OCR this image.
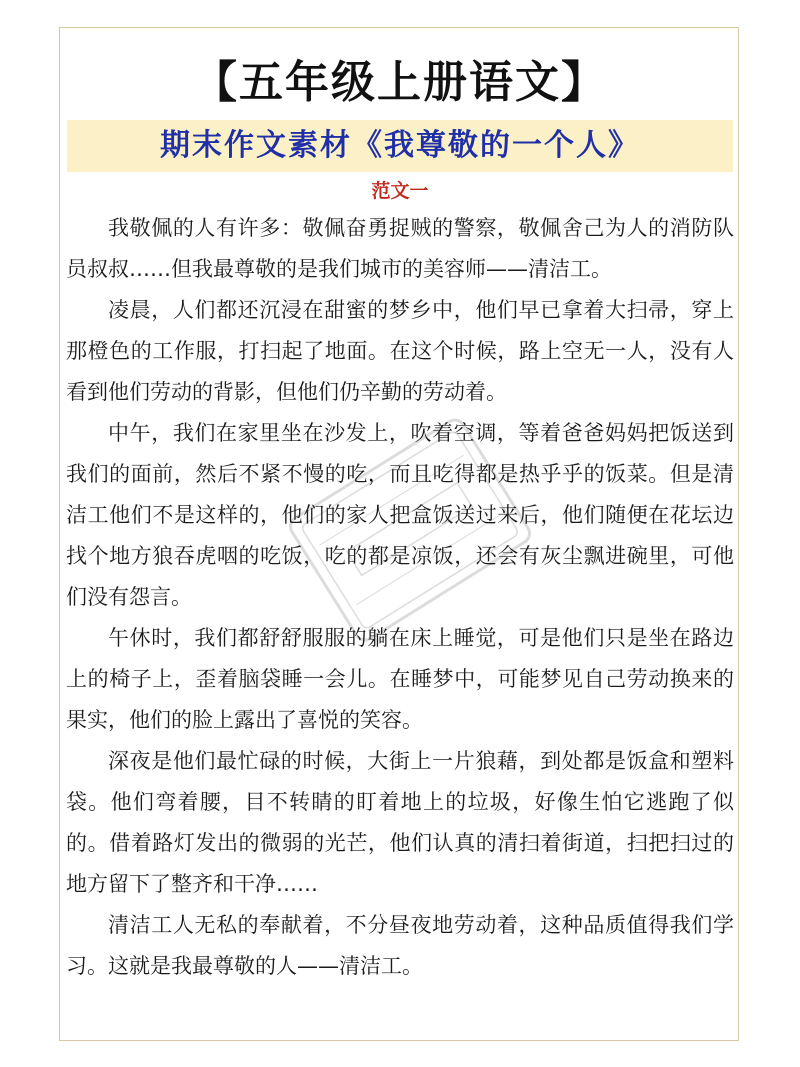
【五年级上册语文】
期末作文素材《我尊敬的一个人》
范文一

我敬佩的人有许多：敬佩奋勇捉贼的警察，敬佩舍己为人的消防队员叔叔……但我最尊敬的是我们城市的美容师——清洁工。

凌晨，人们都还沉浸在甜蜜的梦乡中，他们早已拿着大扫帚，穿上那橙色的工作服，打扫起了地面。在这个时候，路上空无一人，没有人看到他们劳动的背影，但他们仍辛勤的劳动着。

中午，我们在家里坐在沙发上，吹着空调，等着爸爸妈妈把饭送到我们的面前，然后不紧不慢的吃，而且吃得都是热乎乎的饭菜。但是清洁工他们不是这样的，他们的家人把盒饭送过来后，他们随便在花坛边找个地方狼吞虎咽的吃饭，吃的都是凉饭，还会有灰尘飘进碗里，可他们没有怨言。

午休时，我们都舒舒服服的躺在床上睡觉，可是他们只是坐在路边上的椅子上，歪着脑袋睡一会儿。在睡梦中，可能梦见自己劳动换来的果实，他们的脸上露出了喜悦的笑容。

深夜是他们最忙碌的时候，大街上一片狼藉，到处都是饭盒和塑料袋。他们弯着腰，目不转睛的盯着地上的垃圾，好像生怕它逃跑了似的。借着路灯发出的微弱的光芒，他们认真的清扫着街道，扫把扫过的地方留下了整齐和干净……

清洁工人无私的奉献着，不分昼夜地劳动着，这种品质值得我们学习。这就是我最尊敬的人——清洁工。
